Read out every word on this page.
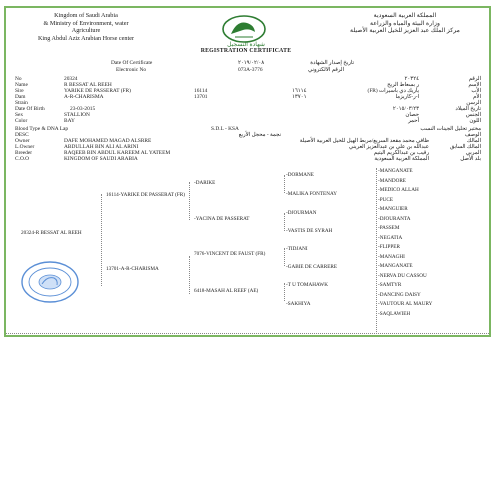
Kingdom of Saudi Arabia
& Ministry of Environment, water
Agriculture
King Abdul Aziz Arabian Horse center
شهادة التسجيل
المملكة العربية السعودية
وزارة البيئة والمياه والزراعة
مركز الملك عبد العزيز للخيل العربية الأصيلة
REGISTRATION CERTIFICATE
Date Of Certificate	٢٠١٩/٠٢/٠٨	تاريخ إصدار الشهادة
Electronic No	073A-3776	الرقم الالكتروني
No	20324	٢٠٣٢٤	الرقم
Name	R BESSAT AL REEH	ر بسعاط الريح	الاسم
Sire	YARIKE DE PASSERAT (FR)	16114	١٦١١٤	ياريك دي باسيرات (FR)	الأب
Dam	A-R-CHARISMA	13701	١٣٧٠١	ا-ر-كاريزما	الأم
Strain	الرسن
Date Of Birth	23-03-2015	٢٠١٥/٠٣/٢٣	تاريخ الميلاد
Sex	STALLION	حصان	الجنس
Color	BAY	أحمر	اللون
Blood Type & DNA Lap	S.D.L - KSA	مختبر تحليل الجينات النسب
DESC	نجمة - محجل الأربع	الوصف
Owner	DAFE MOHAMED MAGAD ALSRRE	ظافي محمد مقعد السريع/مربط الهيل للخيل العربية الأصيلة	المالك
L.Owner	ABDULLAH BIN ALI AL ARINI	عبدالله بن علي بن عبدالعزيز العريني	المالك السابق
Breeder	RAQEEB BIN ABDUL KAREEM AL YATEEM	رقيب بن عبدالكريم اليتيم	المربي
C.O.O	KINGDOM OF SAUDI ARABIA	المملكة العربية السعودية	بلد الأصل
20324-R BESSAT AL REEH
16114-YARIKE DE PASSERAT (FR)
13701-A-R-CHARISMA
-DARIKE
-YACINA DE PASSERAT
7076-VINCENT DE FAUST (FR)
6418-MASAH AL REEF (AE)
-DORMANE
-MALIKA FONTENAY
-DJOURMAN
-VASTIS DE SYRAH
-TIDJANI
-GABIE DE CARRERE
-T U TOMAHAWK
-SAKHIYA
-MANGANATE
-MANDORE
-MEDICO ALLAH
-PUCE
-MANGUIER
-DJOURANTA
-PASSEM
-NEGATIA
-FLIPPER
-MANAGHI
-MANGANATE
-NERVA DU CASSOU
-SAMTYR
-DANCING DAISY
-VAUTOUR AL MAURY
-SAQLAWIEH
